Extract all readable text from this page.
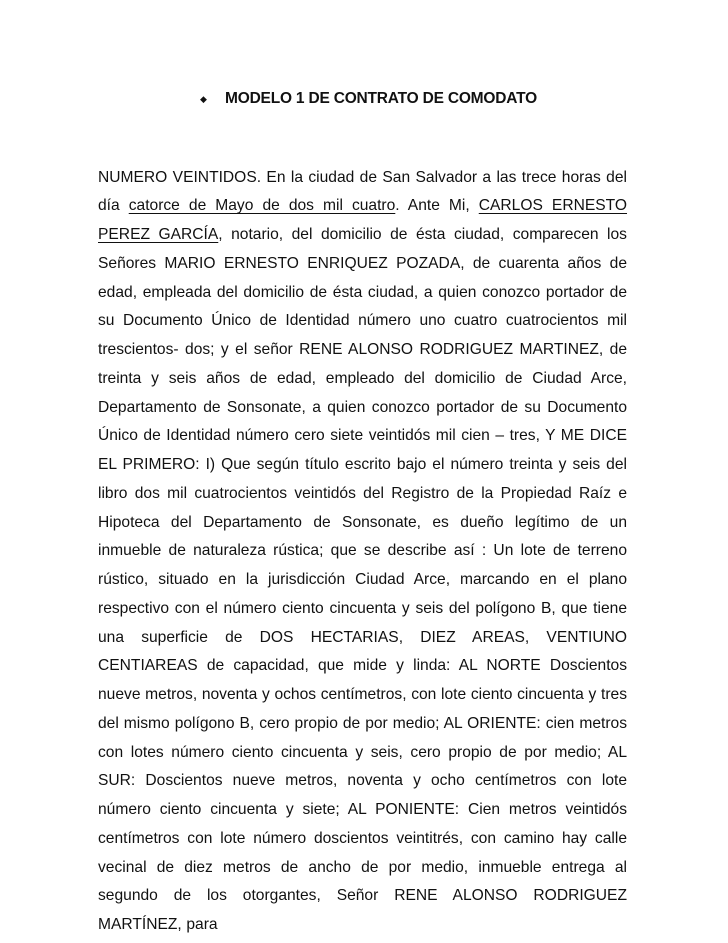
◆ MODELO 1 DE CONTRATO DE COMODATO

NUMERO VEINTIDOS. En la ciudad de San Salvador a las trece horas del día catorce de Mayo de dos mil cuatro. Ante Mi, CARLOS ERNESTO PEREZ GARCÍA, notario, del domicilio de ésta ciudad, comparecen los Señores MARIO ERNESTO ENRIQUEZ POZADA, de cuarenta años de edad, empleada del domicilio de ésta ciudad, a quien conozco portador de su Documento Único de Identidad número uno cuatro cuatrocientos mil trescientos- dos; y el señor RENE ALONSO RODRIGUEZ MARTINEZ, de treinta y seis años de edad, empleado del domicilio de Ciudad Arce, Departamento de Sonsonate, a quien conozco portador de su Documento Único de Identidad número cero siete veintidós mil cien – tres, Y ME DICE EL PRIMERO: I) Que según título escrito bajo el número treinta y seis del libro dos mil cuatrocientos veintidós del Registro de la Propiedad Raíz e Hipoteca del Departamento de Sonsonate, es dueño legítimo de un inmueble de naturaleza rústica; que se describe así : Un lote de terreno rústico, situado en la jurisdicción Ciudad Arce, marcando en el plano respectivo con el número ciento cincuenta y seis del polígono B, que tiene una superficie de DOS HECTARIAS, DIEZ AREAS, VENTIUNO CENTIAREAS de capacidad, que mide y linda: AL NORTE Doscientos nueve metros, noventa y ochos centímetros, con lote ciento cincuenta y tres del mismo polígono B, cero propio de por medio; AL ORIENTE: cien metros con lotes número ciento cincuenta y seis, cero propio de por medio; AL SUR: Doscientos nueve metros, noventa y ocho centímetros con lote número ciento cincuenta y siete; AL PONIENTE: Cien metros veintidós centímetros con lote número doscientos veintitrés, con camino hay calle vecinal de diez metros de ancho de por medio, inmueble entrega al segundo de los otorgantes, Señor RENE ALONSO RODRIGUEZ MARTÍNEZ, para
